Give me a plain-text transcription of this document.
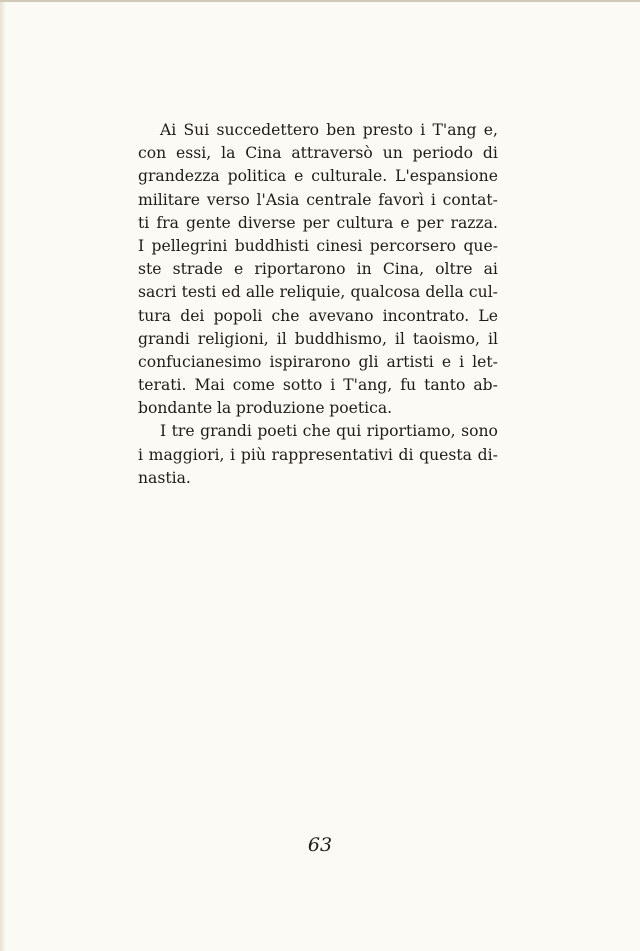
Ai Sui succedettero ben presto i T'ang e,
con essi, la Cina attraversò un periodo di
grandezza politica e culturale. L'espansione
militare verso l'Asia centrale favorì i contat-
ti fra gente diverse per cultura e per razza.
I pellegrini buddhisti cinesi percorsero que-
ste strade e riportarono in Cina, oltre ai
sacri testi ed alle reliquie, qualcosa della cul-
tura dei popoli che avevano incontrato. Le
grandi religioni, il buddhismo, il taoismo, il
confucianesimo ispirarono gli artisti e i let-
terati. Mai come sotto i T'ang, fu tanto ab-
bondante la produzione poetica.
I tre grandi poeti che qui riportiamo, sono
i maggiori, i più rappresentativi di questa di-
nastia.
63
